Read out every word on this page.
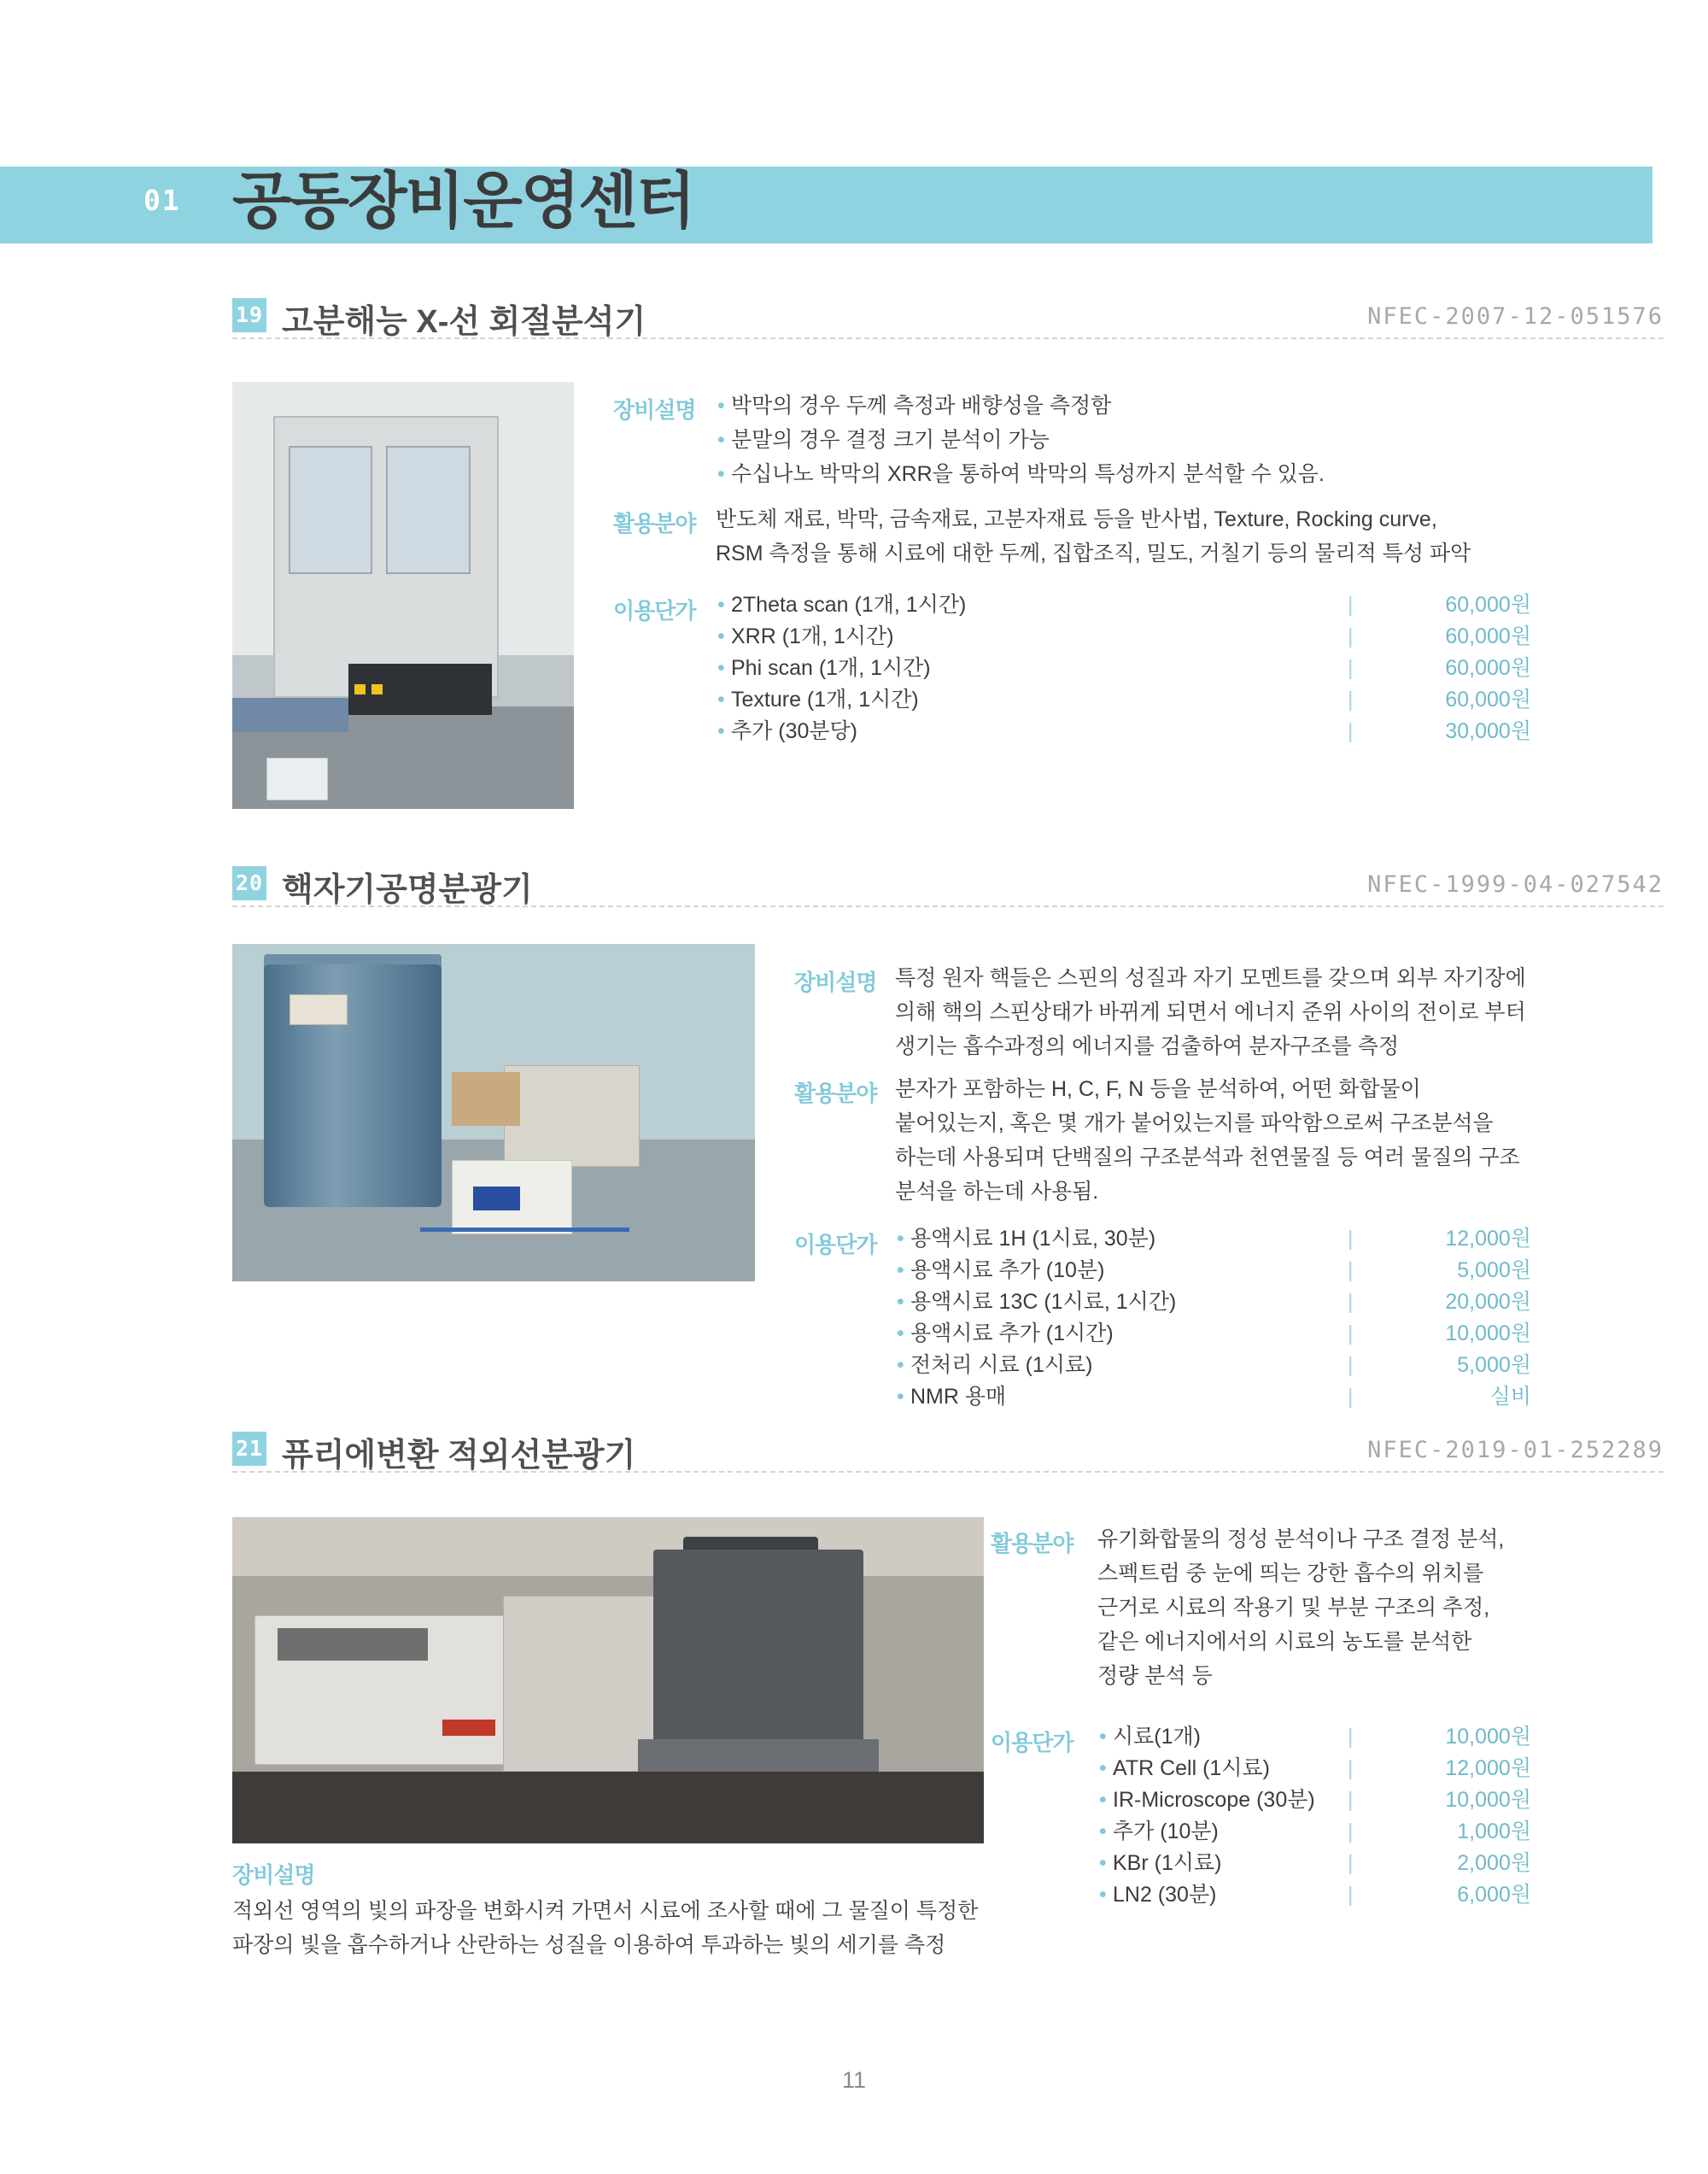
01 공동장비운영센터
19 고분해능 X-선 회절분석기	NFEC-2007-12-051576
장비설명	• 박막의 경우 두께 측정과 배향성을 측정함
• 분말의 경우 결정 크기 분석이 가능
• 수십나노 박막의 XRR을 통하여 박막의 특성까지 분석할 수 있음.
활용분야 반도체 재료, 박막, 금속재료, 고분자재료 등을 반사법, Texture, Rocking curve,
RSM 측정을 통해 시료에 대한 두께, 집합조직, 밀도, 거칠기 등의 물리적 특성 파악
이용단가 • 2Theta scan (1개, 1시간)	|	60,000원
• XRR (1개, 1시간)	|	60,000원
• Phi scan (1개, 1시간)	|	60,000원
• Texture (1개, 1시간)	|	60,000원
• 추가 (30분당)	|	30,000원
20 핵자기공명분광기	NFEC-1999-04-027542
장비설명 특정 원자 핵들은 스핀의 성질과 자기 모멘트를 갖으며 외부 자기장에
의해 핵의 스핀상태가 바뀌게 되면서 에너지 준위 사이의 전이로 부터
생기는 흡수과정의 에너지를 검출하여 분자구조를 측정
활용분야 분자가 포함하는 H, C, F, N 등을 분석하여, 어떤 화합물이
붙어있는지, 혹은 몇 개가 붙어있는지를 파악함으로써 구조분석을
하는데 사용되며 단백질의 구조분석과 천연물질 등 여러 물질의 구조
분석을 하는데 사용됨.
이용단가 • 용액시료 1H (1시료, 30분)	|	12,000원
• 용액시료 추가 (10분)	|	5,000원
• 용액시료 13C (1시료, 1시간)	|	20,000원
• 용액시료 추가 (1시간)	|	10,000원
• 전처리 시료 (1시료)	|	5,000원
• NMR 용매	|	실비
21 퓨리에변환 적외선분광기	NFEC-2019-01-252289
활용분야 유기화합물의 정성 분석이나 구조 결정 분석,
스펙트럼 중 눈에 띄는 강한 흡수의 위치를
근거로 시료의 작용기 및 부분 구조의 추정,
같은 에너지에서의 시료의 농도를 분석한
정량 분석 등
이용단가 • 시료(1개)	|	10,000원
• ATR Cell (1시료)	|	12,000원
• IR-Microscope (30분) |	10,000원
• 추가 (10분)	|	1,000원
• KBr (1시료)	|	2,000원
• LN2 (30분)	|	6,000원
장비설명
적외선 영역의 빛의 파장을 변화시켜 가면서 시료에 조사할 때에 그 물질이 특정한
파장의 빛을 흡수하거나 산란하는 성질을 이용하여 투과하는 빛의 세기를 측정
11
